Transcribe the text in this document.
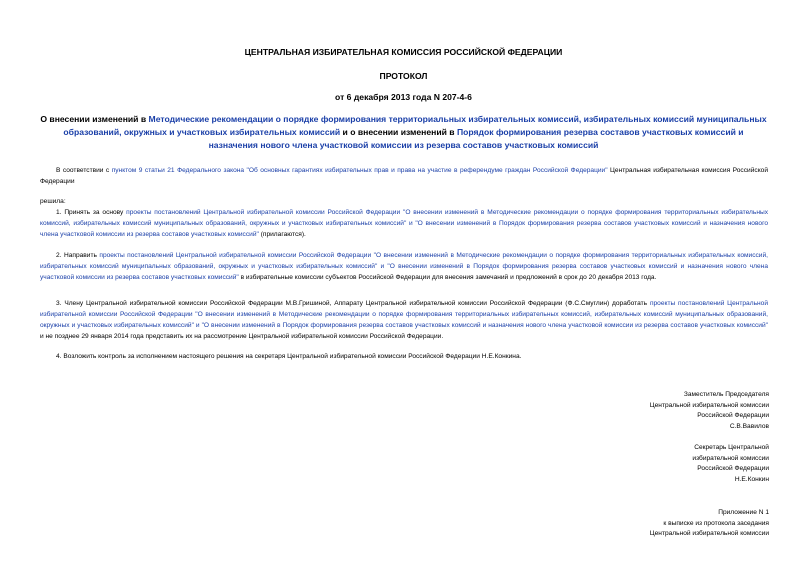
ЦЕНТРАЛЬНАЯ ИЗБИРАТЕЛЬНАЯ КОМИССИЯ РОССИЙСКОЙ ФЕДЕРАЦИИ
ПРОТОКОЛ
от 6 декабря 2013 года N 207-4-6
О внесении изменений в Методические рекомендации о порядке формирования территориальных избирательных комиссий, избирательных комиссий муниципальных образований, окружных и участковых избирательных комиссий и о внесении изменений в Порядок формирования резерва составов участковых комиссий и назначения нового члена участковой комиссии из резерва составов участковых комиссий
В соответствии с пунктом 9 статьи 21 Федерального закона "Об основных гарантиях избирательных прав и права на участие в референдуме граждан Российской Федерации" Центральная избирательная комиссия Российской Федерации
решила:
1. Принять за основу проекты постановлений Центральной избирательной комиссии Российской Федерации "О внесении изменений в Методические рекомендации о порядке формирования территориальных избирательных комиссий, избирательных комиссий муниципальных образований, окружных и участковых избирательных комиссий" и "О внесении изменений в Порядок формирования резерва составов участковых комиссий и назначения нового члена участковой комиссии из резерва составов участковых комиссий" (прилагаются).
2. Направить проекты постановлений Центральной избирательной комиссии Российской Федерации "О внесении изменений в Методические рекомендации о порядке формирования территориальных избирательных комиссий, избирательных комиссий муниципальных образований, окружных и участковых избирательных комиссий" и "О внесении изменений в Порядок формирования резерва составов участковых комиссий и назначения нового члена участковой комиссии из резерва составов участковых комиссий" в избирательные комиссии субъектов Российской Федерации для внесения замечаний и предложений в срок до 20 декабря 2013 года.
3. Члену Центральной избирательной комиссии Российской Федерации М.В.Гришиной, Аппарату Центральной избирательной комиссии Российской Федерации (Ф.С.Смуглин) доработать проекты постановлений Центральной избирательной комиссии Российской Федерации "О внесении изменений в Методические рекомендации о порядке формирования территориальных избирательных комиссий, избирательных комиссий муниципальных образований, окружных и участковых избирательных комиссий" и "О внесении изменений в Порядок формирования резерва составов участковых комиссий и назначения нового члена участковой комиссии из резерва составов участковых комиссий" и не позднее 29 января 2014 года представить их на рассмотрение Центральной избирательной комиссии Российской Федерации.
4. Возложить контроль за исполнением настоящего решения на секретаря Центральной избирательной комиссии Российской Федерации Н.Е.Конкина.
Заместитель Председателя
Центральной избирательной комиссии
Российской Федерации
С.В.Вавилов
Секретарь Центральной
избирательной комиссии
Российской Федерации
Н.Е.Конкин
Приложение N 1
к выписке из протокола заседания
Центральной избирательной комиссии
